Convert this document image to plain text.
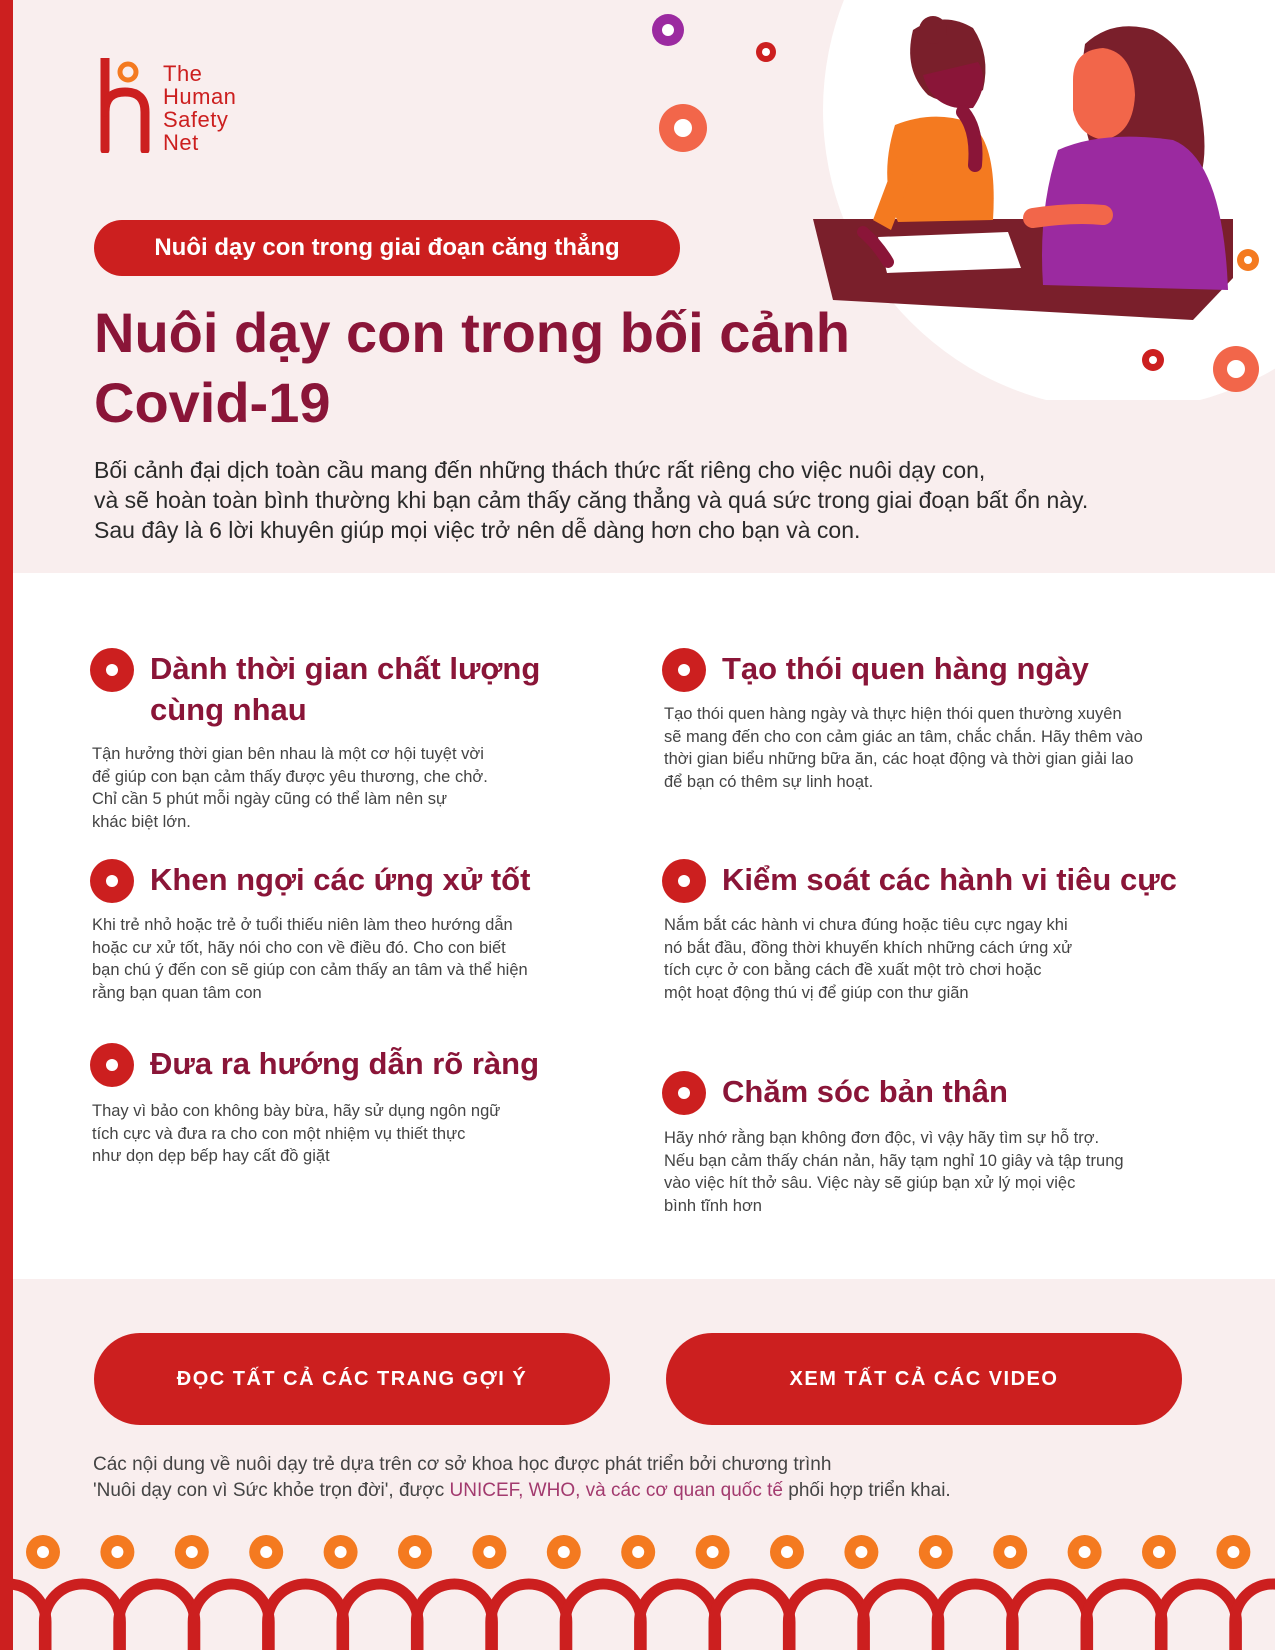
The
Human
Safety
Net
Nuôi dạy con trong giai đoạn căng thẳng
Nuôi dạy con trong bối cảnh
Covid-19
Bối cảnh đại dịch toàn cầu mang đến những thách thức rất riêng cho việc nuôi dạy con,
và sẽ hoàn toàn bình thường khi bạn cảm thấy căng thẳng và quá sức trong giai đoạn bất ổn này.
Sau đây là 6 lời khuyên giúp mọi việc trở nên dễ dàng hơn cho bạn và con.
Dành thời gian chất lượng
cùng nhau

Tận hưởng thời gian bên nhau là một cơ hội tuyệt vời
để giúp con bạn cảm thấy được yêu thương, che chở.
Chỉ cần 5 phút mỗi ngày cũng có thể làm nên sự
khác biệt lớn.

Tạo thói quen hàng ngày

Tạo thói quen hàng ngày và thực hiện thói quen thường xuyên
sẽ mang đến cho con cảm giác an tâm, chắc chắn. Hãy thêm vào
thời gian biểu những bữa ăn, các hoạt động và thời gian giải lao
để bạn có thêm sự linh hoạt.

Khen ngợi các ứng xử tốt

Khi trẻ nhỏ hoặc trẻ ở tuổi thiếu niên làm theo hướng dẫn
hoặc cư xử tốt, hãy nói cho con về điều đó. Cho con biết
bạn chú ý đến con sẽ giúp con cảm thấy an tâm và thể hiện
rằng bạn quan tâm con

Kiểm soát các hành vi tiêu cực

Nắm bắt các hành vi chưa đúng hoặc tiêu cực ngay khi
nó bắt đầu, đồng thời khuyến khích những cách ứng xử
tích cực ở con bằng cách đề xuất một trò chơi hoặc
một hoạt động thú vị để giúp con thư giãn

Đưa ra hướng dẫn rõ ràng

Thay vì bảo con không bày bừa, hãy sử dụng ngôn ngữ
tích cực và đưa ra cho con một nhiệm vụ thiết thực
như dọn dẹp bếp hay cất đồ giặt

Chăm sóc bản thân

Hãy nhớ rằng bạn không đơn độc, vì vậy hãy tìm sự hỗ trợ.
Nếu bạn cảm thấy chán nản, hãy tạm nghỉ 10 giây và tập trung
vào việc hít thở sâu. Việc này sẽ giúp bạn xử lý mọi việc
bình tĩnh hơn

ĐỌC TẤT CẢ CÁC TRANG GỢI Ý	XEM TẤT CẢ CÁC VIDEO
Các nội dung về nuôi dạy trẻ dựa trên cơ sở khoa học được phát triển bởi chương trình
'Nuôi dạy con vì Sức khỏe trọn đời', được UNICEF, WHO, và các cơ quan quốc tế phối hợp triển khai.
